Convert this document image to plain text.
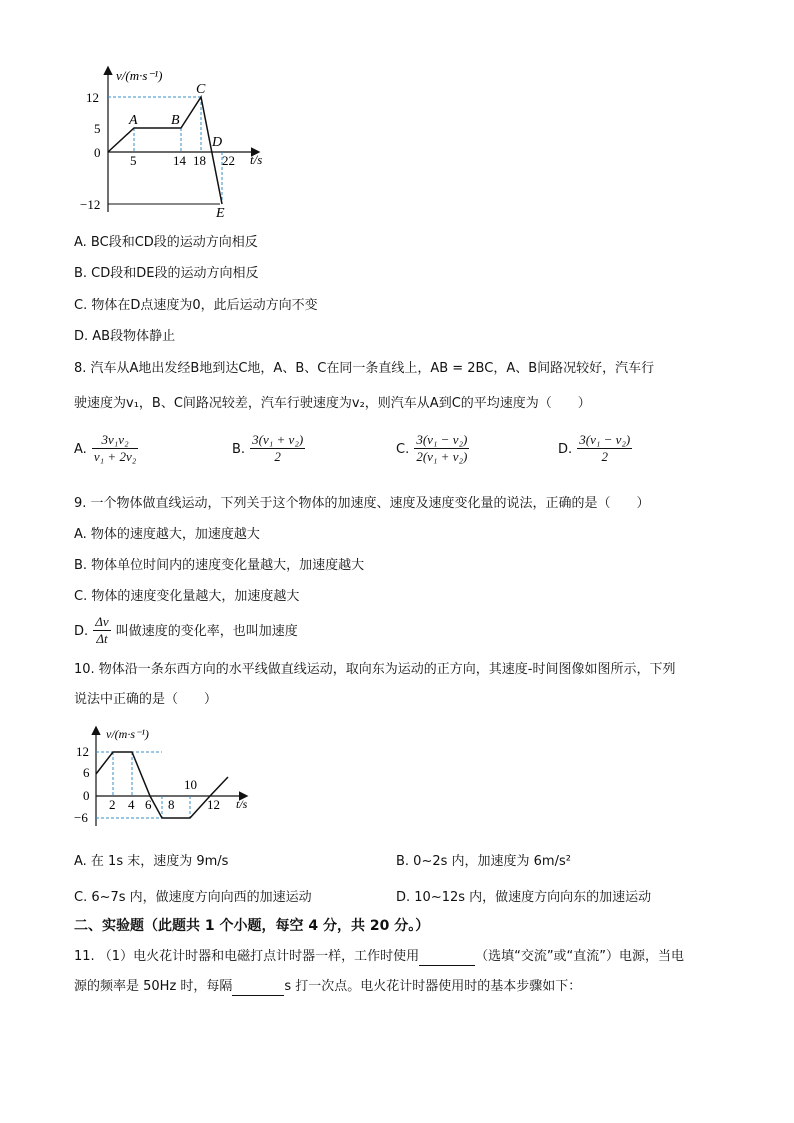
v/(m·s⁻¹)
t/s
12
5
0
−12
5	14 18 22
A B
C
D
E
A. BC段和CD段的运动方向相反
B. CD段和DE段的运动方向相反
C. 物体在D点速度为0，此后运动方向不变
D. AB段物体静止
8. 汽车从A地出发经B地到达C地，A、B、C在同一条直线上，AB = 2BC，A、B间路况较好，汽车行
驶速度为v₁，B、C间路况较差，汽车行驶速度为v₂，则汽车从A到C的平均速度为（　　）
A. $\frac{\text{3v₁v₂}}{\text{v₁ + 2v₂}}$	B. $\frac{\text{3(v₁ + v₂)}}{2}$	C. $\frac{\text{3(v₁ − v₂)}}{\text{2(v₁ + v₂)}}$	D. $\frac{\text{3(v₁ − v₂)}}{2}$
9. 一个物体做直线运动，下列关于这个物体的加速度、速度及速度变化量的说法，正确的是（　　）
A. 物体的速度越大，加速度越大
B. 物体单位时间内的速度变化量越大，加速度越大
C. 物体的速度变化量越大，加速度越大
D. $\frac{\Delta v}{\Delta t}$ 叫做速度的变化率，也叫加速度
10. 物体沿一条东西方向的水平线做直线运动，取向东为运动的正方向，其速度-时间图像如图所示，下列
说法中正确的是（　　）
v/(m·s⁻¹)
t/s
12
6
0
−6
2 4 6 8
10
12
A. 在 1s 末，速度为 9m/s	B. 0~2s 内，加速度为 6m/s²
C. 6~7s 内，做速度方向向西的加速运动	D. 10~12s 内，做速度方向向东的加速运动
二、实验题（此题共 1 个小题，每空 4 分，共 20 分。）
11. （1）电火花计时器和电磁打点计时器一样，工作时使用	（选填“交流”或“直流”）电源，当电
源的频率是 50Hz 时，每隔	s 打一次点。电火花计时器使用时的基本步骤如下：
